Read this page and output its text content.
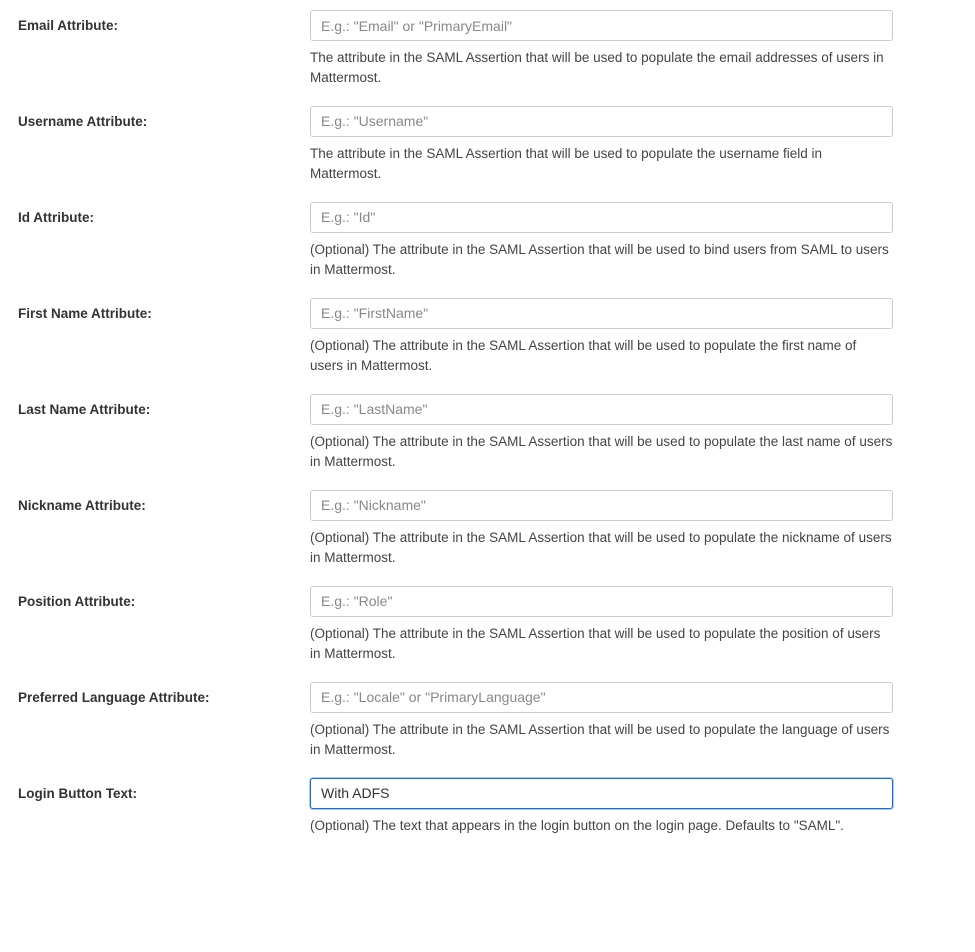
Email Attribute:
E.g.: "Email" or "PrimaryEmail"
The attribute in the SAML Assertion that will be used to populate the email addresses of users in Mattermost.
Username Attribute:
E.g.: "Username"
The attribute in the SAML Assertion that will be used to populate the username field in Mattermost.
Id Attribute:
E.g.: "Id"
(Optional) The attribute in the SAML Assertion that will be used to bind users from SAML to users in Mattermost.
First Name Attribute:
E.g.: "FirstName"
(Optional) The attribute in the SAML Assertion that will be used to populate the first name of users in Mattermost.
Last Name Attribute:
E.g.: "LastName"
(Optional) The attribute in the SAML Assertion that will be used to populate the last name of users in Mattermost.
Nickname Attribute:
E.g.: "Nickname"
(Optional) The attribute in the SAML Assertion that will be used to populate the nickname of users in Mattermost.
Position Attribute:
E.g.: "Role"
(Optional) The attribute in the SAML Assertion that will be used to populate the position of users in Mattermost.
Preferred Language Attribute:
E.g.: "Locale" or "PrimaryLanguage"
(Optional) The attribute in the SAML Assertion that will be used to populate the language of users in Mattermost.
Login Button Text:
With ADFS
(Optional) The text that appears in the login button on the login page. Defaults to "SAML".
